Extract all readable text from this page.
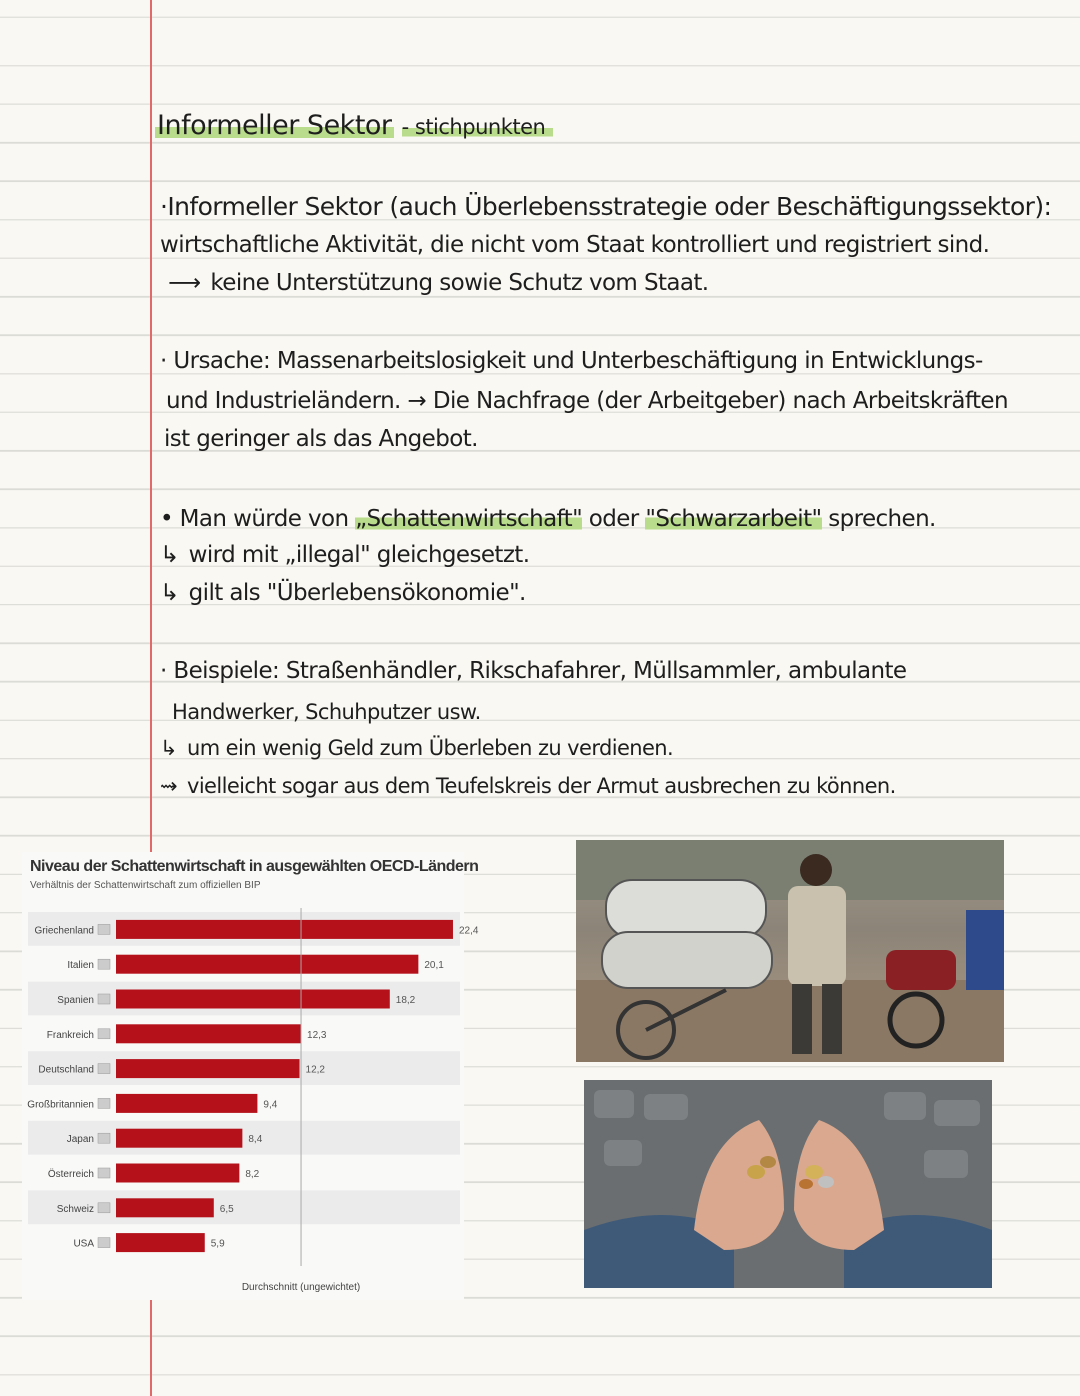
Informeller Sektor - stichpunkten
·Informeller Sektor (auch Überlebensstrategie oder Beschäftigungssektor):
wirtschaftliche Aktivität, die nicht vom Staat kontrolliert und registriert sind.
⟶ keine Unterstützung sowie Schutz vom Staat.
· Ursache: Massenarbeitslosigkeit und Unterbeschäftigung in Entwicklungs-
und Industrieländern. → Die Nachfrage (der Arbeitgeber) nach Arbeitskräften
ist geringer als das Angebot.
• Man würde von „Schattenwirtschaft" oder "Schwarzarbeit" sprechen.
↳ wird mit „illegal" gleichgesetzt.
↳ gilt als "Überlebensökonomie".
· Beispiele: Straßenhändler, Rikschafahrer, Müllsammler, ambulante
Handwerker, Schuhputzer usw.
↳ um ein wenig Geld zum Überleben zu verdienen.
⇝ vielleicht sogar aus dem Teufelskreis der Armut ausbrechen zu können.
Niveau der Schattenwirtschaft in ausgewählten OECD-Ländern
Verhältnis der Schattenwirtschaft zum offiziellen BIP
Griechenland	22,4
Italien	20,1
Spanien	18,2
Frankreich	12,3
Deutschland	12,2
Großbritannien	9,4
Japan	8,4
Österreich	8,2
Schweiz	6,5
USA	5,9
Durchschnitt (ungewichtet)
